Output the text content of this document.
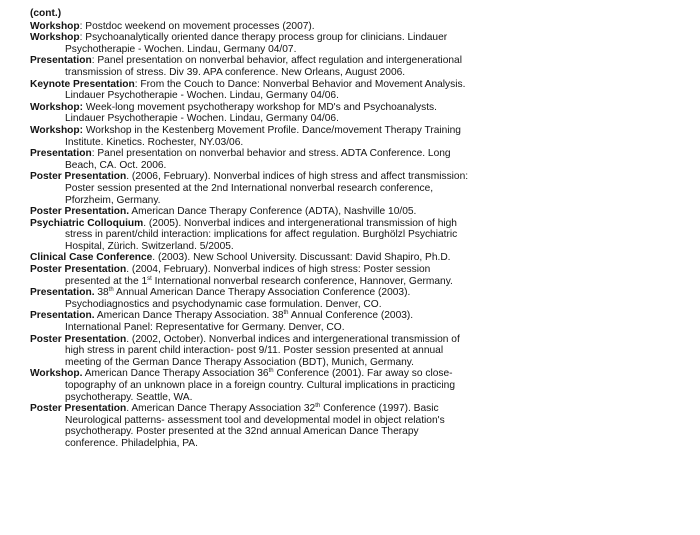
(cont.)
Workshop: Postdoc weekend on movement processes (2007).
Workshop: Psychoanalytically oriented dance therapy process group for clinicians. Lindauer Psychotherapie - Wochen. Lindau, Germany 04/07.
Presentation: Panel presentation on nonverbal behavior, affect regulation and intergenerational transmission of stress. Div 39. APA conference. New Orleans, August 2006.
Keynote Presentation: From the Couch to Dance: Nonverbal Behavior and Movement Analysis. Lindauer Psychotherapie - Wochen. Lindau, Germany 04/06.
Workshop: Week-long movement psychotherapy workshop for MD's and Psychoanalysts. Lindauer Psychotherapie - Wochen. Lindau, Germany 04/06.
Workshop: Workshop in the Kestenberg Movement Profile. Dance/movement Therapy Training Institute. Kinetics. Rochester, NY.03/06.
Presentation: Panel presentation on nonverbal behavior and stress. ADTA Conference. Long Beach, CA. Oct. 2006.
Poster Presentation. (2006, February). Nonverbal indices of high stress and affect transmission: Poster session presented at the 2nd International nonverbal research conference, Pforzheim, Germany.
Poster Presentation. American Dance Therapy Conference (ADTA), Nashville 10/05.
Psychiatric Colloquium. (2005). Nonverbal indices and intergenerational transmission of high stress in parent/child interaction: implications for affect regulation. Burghölzl Psychiatric Hospital, Zürich. Switzerland. 5/2005.
Clinical Case Conference. (2003). New School University. Discussant: David Shapiro, Ph.D.
Poster Presentation. (2004, February). Nonverbal indices of high stress: Poster session presented at the 1st International nonverbal research conference, Hannover, Germany.
Presentation. 38th Annual American Dance Therapy Association Conference (2003). Psychodiagnostics and psychodynamic case formulation. Denver, CO.
Presentation. American Dance Therapy Association. 38th Annual Conference (2003). International Panel: Representative for Germany. Denver, CO.
Poster Presentation. (2002, October). Nonverbal indices and intergenerational transmission of high stress in parent child interaction- post 9/11. Poster session presented at annual meeting of the German Dance Therapy Association (BDT), Munich, Germany.
Workshop. American Dance Therapy Association 36th Conference (2001). Far away so close- topography of an unknown place in a foreign country. Cultural implications in practicing psychotherapy. Seattle, WA.
Poster Presentation. American Dance Therapy Association 32th Conference (1997). Basic Neurological patterns- assessment tool and developmental model in object relation's psychotherapy. Poster presented at the 32nd annual American Dance Therapy conference. Philadelphia, PA.
